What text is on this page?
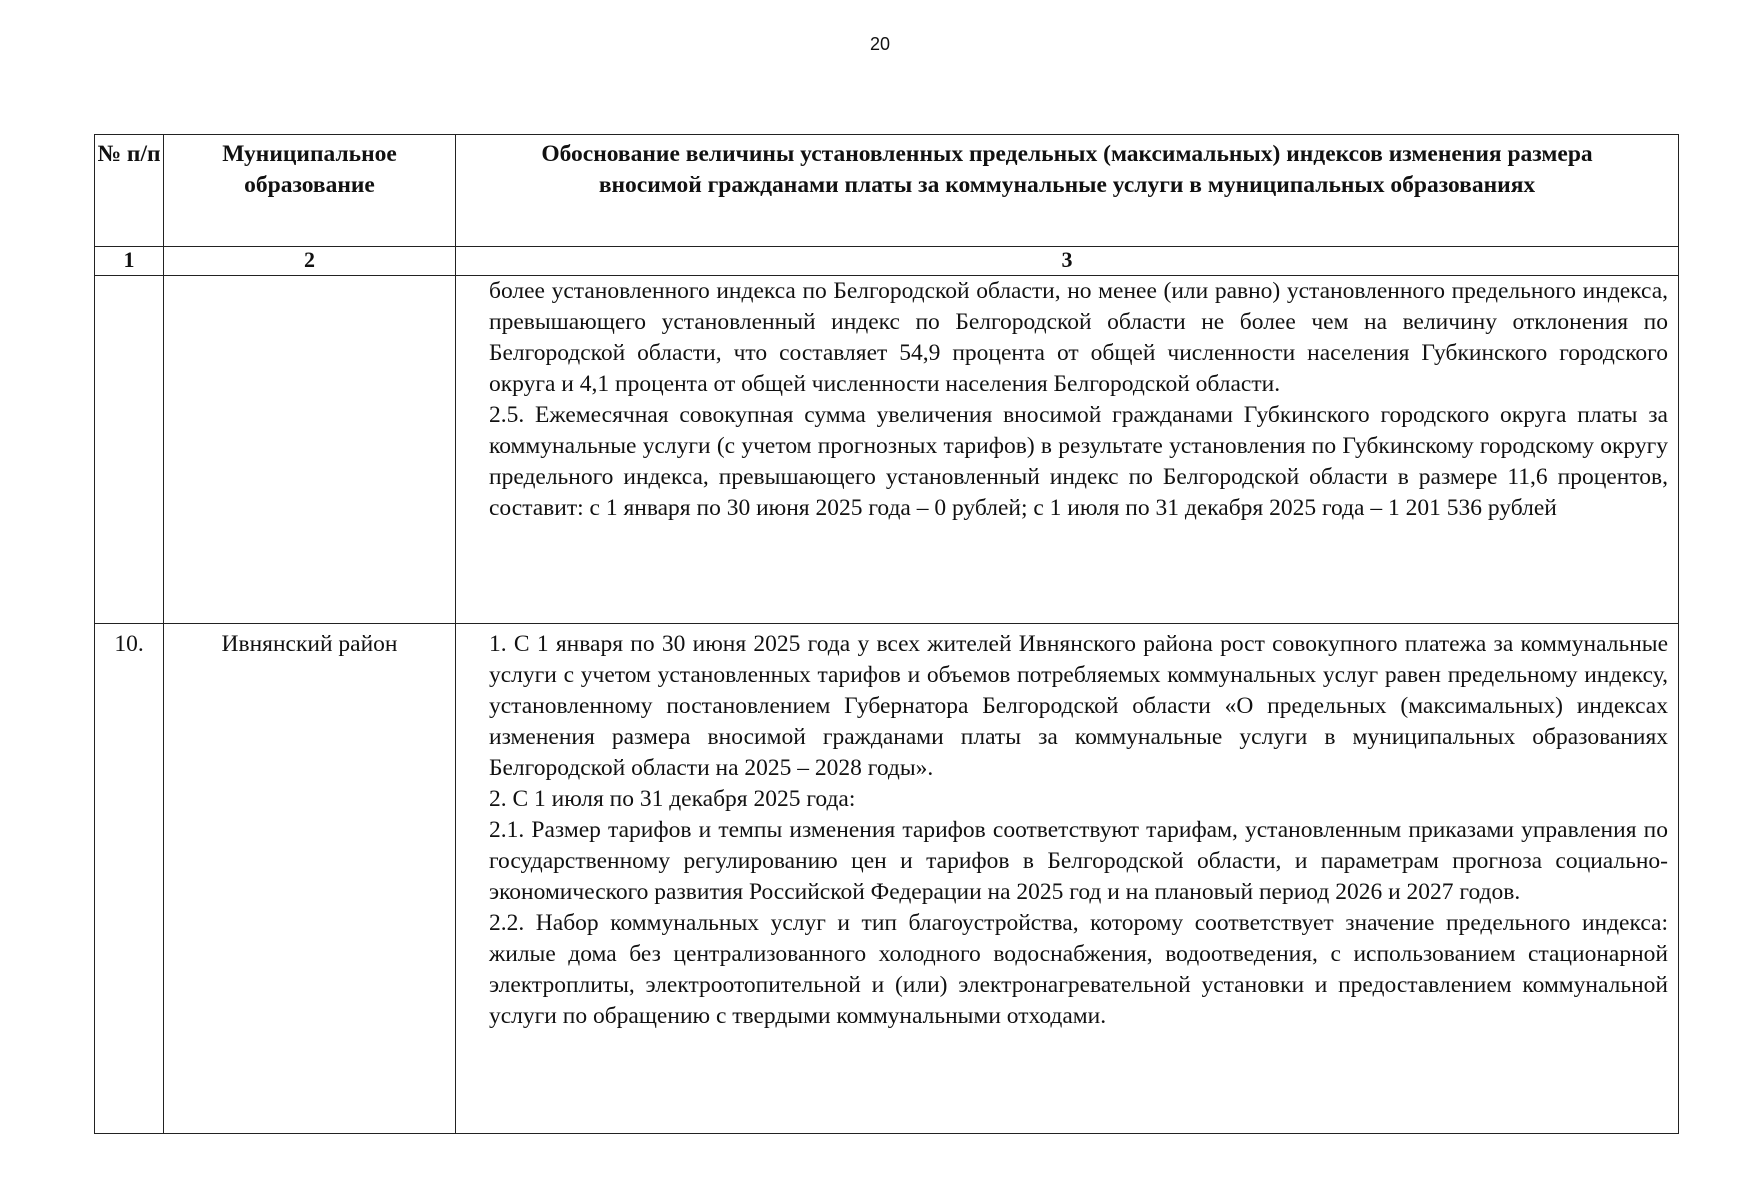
20
№ п/п	Муниципальное образование	Обоснование величины установленных предельных (максимальных) индексов изменения размера вносимой гражданами платы за коммунальные услуги в муниципальных образованиях
1	2	3

		более установленного индекса по Белгородской области, но менее (или равно) установленного предельного индекса, превышающего установленный индекс по Белгородской области не более чем на величину отклонения по Белгородской области, что составляет 54,9 процента от общей численности населения Губкинского городского округа и 4,1 процента от общей численности населения Белгородской области.

2.5. Ежемесячная совокупная сумма увеличения вносимой гражданами Губкинского городского округа платы за коммунальные услуги (с учетом прогнозных тарифов) в результате установления по Губкинскому городскому округу предельного индекса, превышающего установленный индекс по Белгородской области в размере 11,6 процентов, составит: с 1 января по 30 июня 2025 года – 0 рублей; с 1 июля по 31 декабря 2025 года – 1 201 536 рублей

10.	Ивнянский район	1. С 1 января по 30 июня 2025 года у всех жителей Ивнянского района рост совокупного платежа за коммунальные услуги с учетом установленных тарифов и объемов потребляемых коммунальных услуг равен предельному индексу, установленному постановлением Губернатора Белгородской области «О предельных (максимальных) индексах изменения размера вносимой гражданами платы за коммунальные услуги в муниципальных образованиях Белгородской области на 2025 – 2028 годы».

2. С 1 июля по 31 декабря 2025 года:

2.1. Размер тарифов и темпы изменения тарифов соответствуют тарифам, установленным приказами управления по государственному регулированию цен и тарифов в Белгородской области, и параметрам прогноза социально-экономического развития Российской Федерации на 2025 год и на плановый период 2026 и 2027 годов.

2.2. Набор коммунальных услуг и тип благоустройства, которому соответствует значение предельного индекса: жилые дома без централизованного холодного водоснабжения, водоотведения, с использованием стационарной электроплиты, электроотопительной и (или) электронагревательной установки и предоставлением коммунальной услуги по обращению с твердыми коммунальными отходами.
